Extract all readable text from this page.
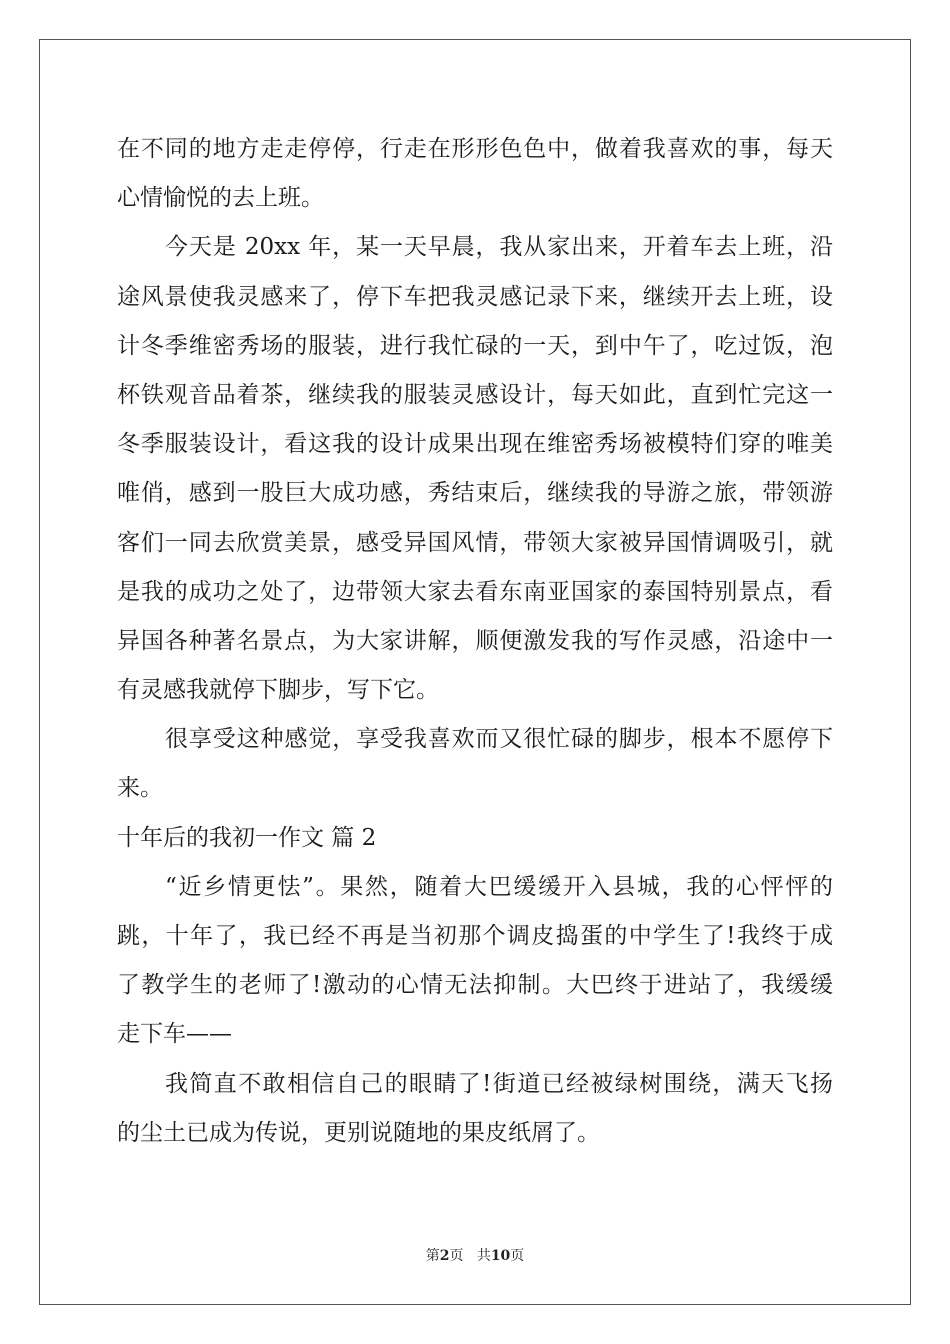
在不同的地方走走停停，行走在形形色色中，做着我喜欢的事，每天
心情愉悦的去上班。
今天是 20xx 年，某一天早晨，我从家出来，开着车去上班，沿
途风景使我灵感来了，停下车把我灵感记录下来，继续开去上班，设
计冬季维密秀场的服装，进行我忙碌的一天，到中午了，吃过饭，泡
杯铁观音品着茶，继续我的服装灵感设计，每天如此，直到忙完这一
冬季服装设计，看这我的设计成果出现在维密秀场被模特们穿的唯美
唯俏，感到一股巨大成功感，秀结束后，继续我的导游之旅，带领游
客们一同去欣赏美景，感受异国风情，带领大家被异国情调吸引，就
是我的成功之处了，边带领大家去看东南亚国家的泰国特别景点，看
异国各种著名景点，为大家讲解，顺便激发我的写作灵感，沿途中一
有灵感我就停下脚步，写下它。
很享受这种感觉，享受我喜欢而又很忙碌的脚步，根本不愿停下
来。
十年后的我初一作文 篇 2
“近乡情更怯”。果然，随着大巴缓缓开入县城，我的心怦怦的
跳，十年了，我已经不再是当初那个调皮捣蛋的中学生了!我终于成
了教学生的老师了!激动的心情无法抑制。大巴终于进站了，我缓缓
走下车——
我简直不敢相信自己的眼睛了!街道已经被绿树围绕，满天飞扬
的尘土已成为传说，更别说随地的果皮纸屑了。
第2页 共10页
